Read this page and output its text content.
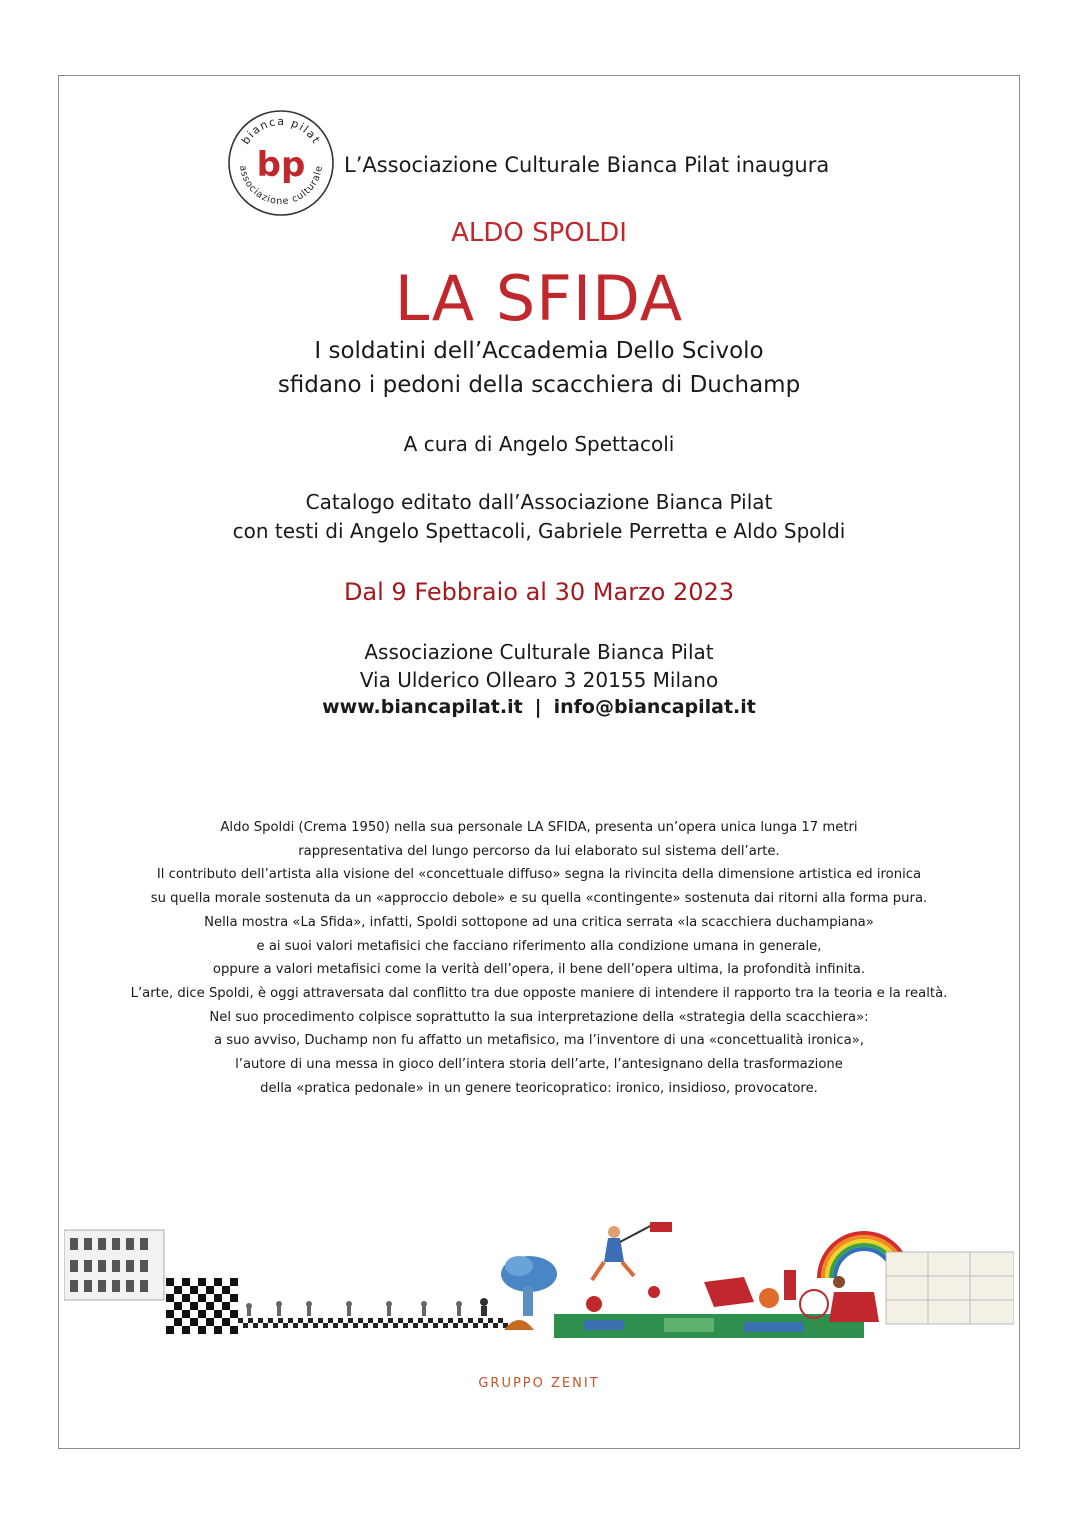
bianca pilat
associazione culturale
bp L’Associazione Culturale Bianca Pilat inaugura
ALDO SPOLDI
LA SFIDA
I soldatini dell’Accademia Dello Scivolo
sfidano i pedoni della scacchiera di Duchamp
A cura di Angelo Spettacoli
Catalogo editato dall’Associazione Bianca Pilat
con testi di Angelo Spettacoli, Gabriele Perretta e Aldo Spoldi
Dal 9 Febbraio al 30 Marzo 2023
Associazione Culturale Bianca Pilat
Via Ulderico Ollearo 3 20155 Milano
www.biancapilat.it | info@biancapilat.it
Aldo Spoldi (Crema 1950) nella sua personale LA SFIDA, presenta un’opera unica lunga 17 metri
rappresentativa del lungo percorso da lui elaborato sul sistema dell’arte.
Il contributo dell’artista alla visione del «concettuale diffuso» segna la rivincita della dimensione artistica ed ironica
su quella morale sostenuta da un «approccio debole» e su quella «contingente» sostenuta dai ritorni alla forma pura.
Nella mostra «La Sfida», infatti, Spoldi sottopone ad una critica serrata «la scacchiera duchampiana»
e ai suoi valori metafisici che facciano riferimento alla condizione umana in generale,
oppure a valori metafisici come la verità dell’opera, il bene dell’opera ultima, la profondità infinita.
L’arte, dice Spoldi, è oggi attraversata dal conflitto tra due opposte maniere di intendere il rapporto tra la teoria e la realtà.
Nel suo procedimento colpisce soprattutto la sua interpretazione della «strategia della scacchiera»:
a suo avviso, Duchamp non fu affatto un metafisico, ma l’inventore di una «concettualità ironica»,
l’autore di una messa in gioco dell’intera storia dell’arte, l’antesignano della trasformazione
della «pratica pedonale» in un genere teoricopratico: ironico, insidioso, provocatore.
GRUPPO ZENIT
